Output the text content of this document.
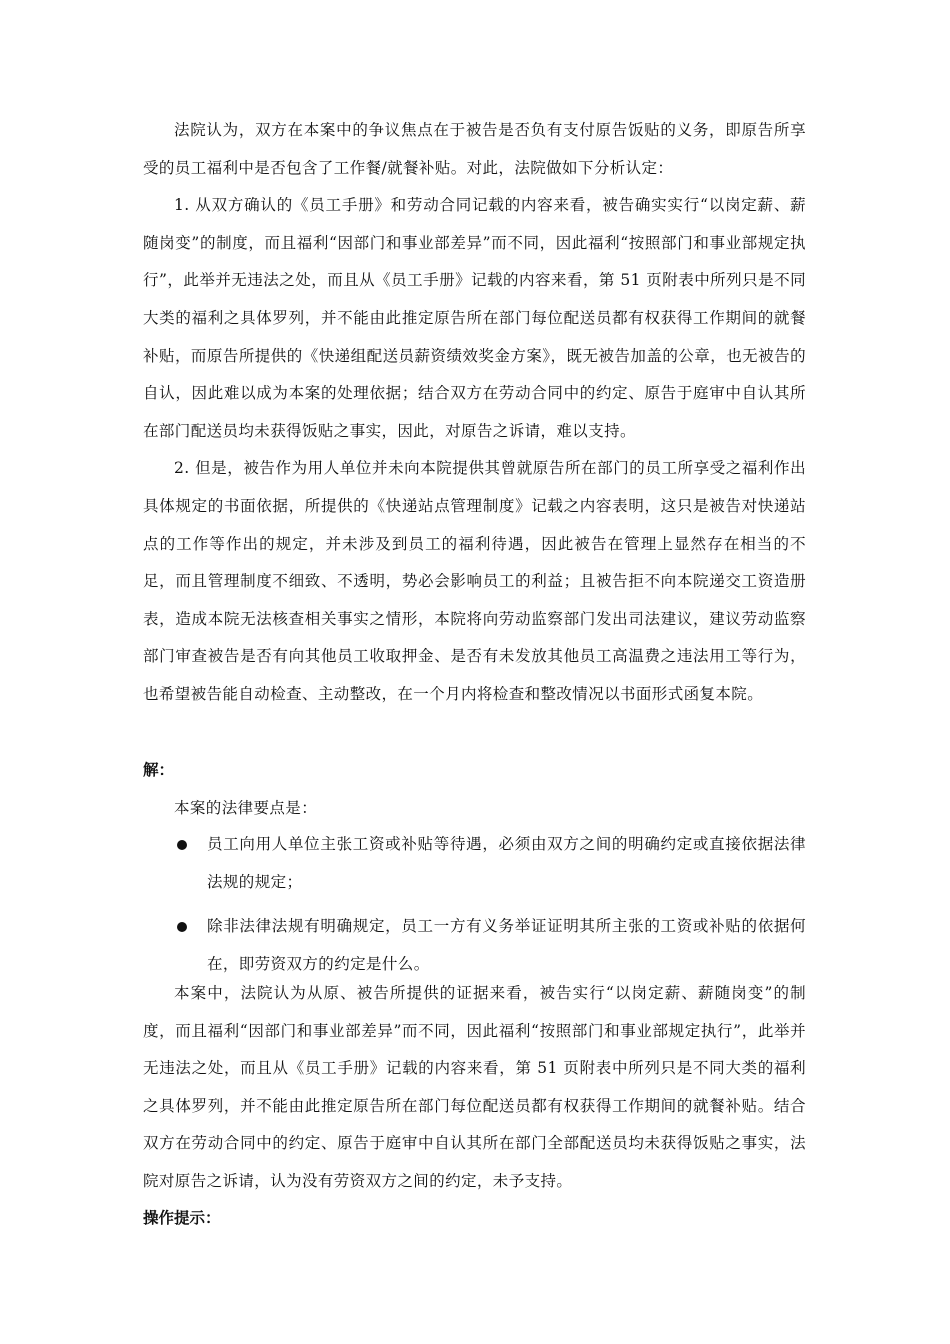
法院认为，双方在本案中的争议焦点在于被告是否负有支付原告饭贴的义务，即原告所享受的员工福利中是否包含了工作餐/就餐补贴。对此，法院做如下分析认定：

1. 从双方确认的《员工手册》和劳动合同记载的内容来看，被告确实实行“以岗定薪、薪随岗变”的制度，而且福利“因部门和事业部差异”而不同，因此福利“按照部门和事业部规定执行”，此举并无违法之处，而且从《员工手册》记载的内容来看，第 51 页附表中所列只是不同大类的福利之具体罗列，并不能由此推定原告所在部门每位配送员都有权获得工作期间的就餐补贴，而原告所提供的《快递组配送员薪资绩效奖金方案》，既无被告加盖的公章，也无被告的自认，因此难以成为本案的处理依据；结合双方在劳动合同中的约定、原告于庭审中自认其所在部门配送员均未获得饭贴之事实，因此，对原告之诉请，难以支持。

2. 但是，被告作为用人单位并未向本院提供其曾就原告所在部门的员工所享受之福利作出具体规定的书面依据，所提供的《快递站点管理制度》记载之内容表明，这只是被告对快递站点的工作等作出的规定，并未涉及到员工的福利待遇，因此被告在管理上显然存在相当的不足，而且管理制度不细致、不透明，势必会影响员工的利益；且被告拒不向本院递交工资造册表，造成本院无法核查相关事实之情形，本院将向劳动监察部门发出司法建议，建议劳动监察部门审查被告是否有向其他员工收取押金、是否有未发放其他员工高温费之违法用工等行为，也希望被告能自动检查、主动整改，在一个月内将检查和整改情况以书面形式函复本院。

解：

本案的法律要点是：

员工向用人单位主张工资或补贴等待遇，必须由双方之间的明确约定或直接依据法律法规的规定；
除非法律法规有明确规定，员工一方有义务举证证明其所主张的工资或补贴的依据何在，即劳资双方的约定是什么。

本案中，法院认为从原、被告所提供的证据来看，被告实行“以岗定薪、薪随岗变”的制度，而且福利“因部门和事业部差异”而不同，因此福利“按照部门和事业部规定执行”，此举并无违法之处，而且从《员工手册》记载的内容来看，第 51 页附表中所列只是不同大类的福利之具体罗列，并不能由此推定原告所在部门每位配送员都有权获得工作期间的就餐补贴。结合双方在劳动合同中的约定、原告于庭审中自认其所在部门全部配送员均未获得饭贴之事实，法院对原告之诉请，认为没有劳资双方之间的约定，未予支持。

操作提示：
